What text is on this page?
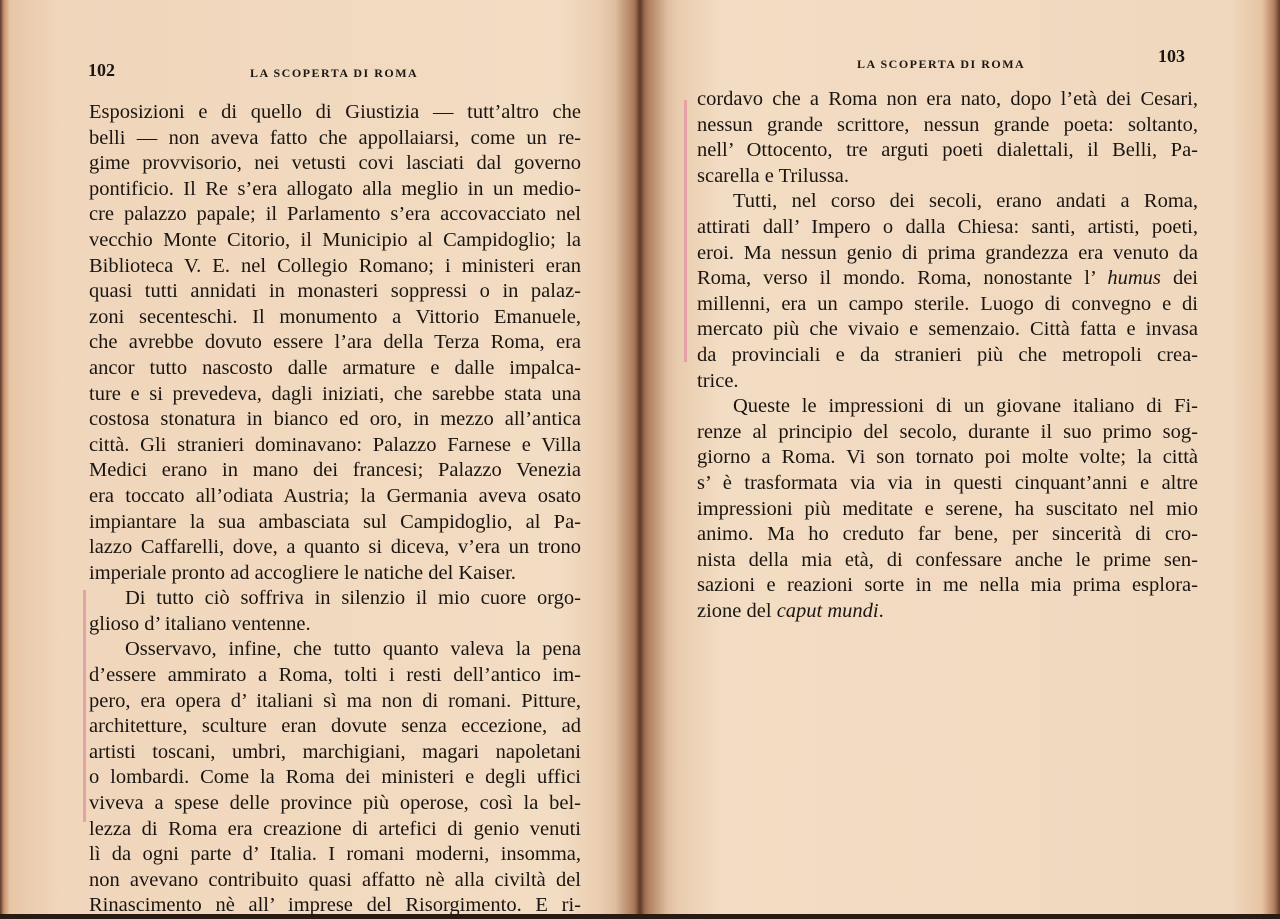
102	LA SCOPERTA DI ROMA
Esposizioni e di quello di Giustizia — tutt’altro che
belli — non aveva fatto che appollaiarsi, come un re-
gime provvisorio, nei vetusti covi lasciati dal governo
pontificio. Il Re s’era allogato alla meglio in un medio-
cre palazzo papale; il Parlamento s’era accovacciato nel
vecchio Monte Citorio, il Municipio al Campidoglio; la
Biblioteca V. E. nel Collegio Romano; i ministeri eran
quasi tutti annidati in monasteri soppressi o in palaz-
zoni secenteschi. Il monumento a Vittorio Emanuele,
che avrebbe dovuto essere l’ara della Terza Roma, era
ancor tutto nascosto dalle armature e dalle impalca-
ture e si prevedeva, dagli iniziati, che sarebbe stata una
costosa stonatura in bianco ed oro, in mezzo all’antica
città. Gli stranieri dominavano: Palazzo Farnese e Villa
Medici erano in mano dei francesi; Palazzo Venezia
era toccato all’odiata Austria; la Germania aveva osato
impiantare la sua ambasciata sul Campidoglio, al Pa-
lazzo Caffarelli, dove, a quanto si diceva, v’era un trono
imperiale pronto ad accogliere le natiche del Kaiser.
Di tutto ciò soffriva in silenzio il mio cuore orgo-
glioso d’ italiano ventenne.
Osservavo, infine, che tutto quanto valeva la pena
d’essere ammirato a Roma, tolti i resti dell’antico im-
pero, era opera d’ italiani sì ma non di romani. Pitture,
architetture, sculture eran dovute senza eccezione, ad
artisti toscani, umbri, marchigiani, magari napoletani
o lombardi. Come la Roma dei ministeri e degli uffici
viveva a spese delle province più operose, così la bel-
lezza di Roma era creazione di artefici di genio venuti
lì da ogni parte d’ Italia. I romani moderni, insomma,
non avevano contribuito quasi affatto nè alla civiltà del
Rinascimento nè all’ imprese del Risorgimento. E ri-
LA SCOPERTA DI ROMA	103
cordavo che a Roma non era nato, dopo l’età dei Cesari,
nessun grande scrittore, nessun grande poeta: soltanto,
nell’ Ottocento, tre arguti poeti dialettali, il Belli, Pa-
scarella e Trilussa.
Tutti, nel corso dei secoli, erano andati a Roma,
attirati dall’ Impero o dalla Chiesa: santi, artisti, poeti,
eroi. Ma nessun genio di prima grandezza era venuto da
Roma, verso il mondo. Roma, nonostante l’ humus dei
millenni, era un campo sterile. Luogo di convegno e di
mercato più che vivaio e semenzaio. Città fatta e invasa
da provinciali e da stranieri più che metropoli crea-
trice.
Queste le impressioni di un giovane italiano di Fi-
renze al principio del secolo, durante il suo primo sog-
giorno a Roma. Vi son tornato poi molte volte; la città
s’ è trasformata via via in questi cinquant’anni e altre
impressioni più meditate e serene, ha suscitato nel mio
animo. Ma ho creduto far bene, per sincerità di cro-
nista della mia età, di confessare anche le prime sen-
sazioni e reazioni sorte in me nella mia prima esplora-
zione del caput mundi.
